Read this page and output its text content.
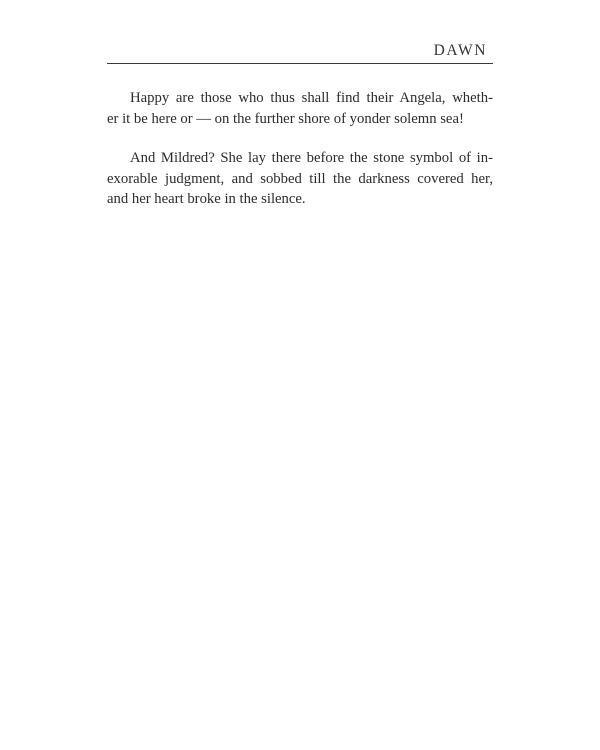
DAWN
Happy are those who thus shall find their Angela, wheth-
er it be here or — on the further shore of yonder solemn sea!
And Mildred? She lay there before the stone symbol of in-
exorable judgment, and sobbed till the darkness covered her,
and her heart broke in the silence.
